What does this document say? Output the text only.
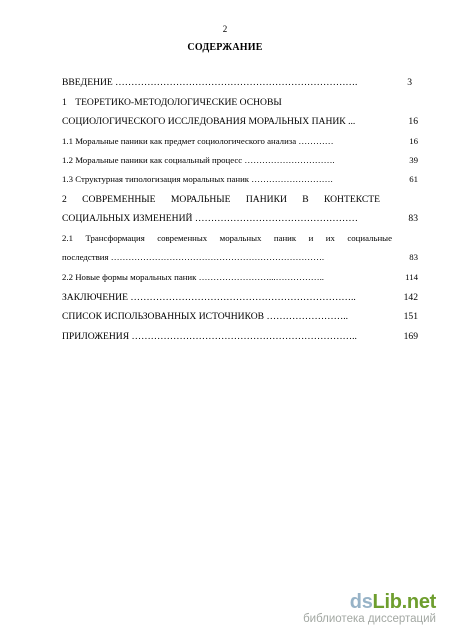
2
СОДЕРЖАНИЕ
ВВЕДЕНИЕ ………………………………………………………………….	3
1 ТЕОРЕТИКО-МЕТОДОЛОГИЧЕСКИЕ ОСНОВЫ
СОЦИОЛОГИЧЕСКОГО ИССЛЕДОВАНИЯ МОРАЛЬНЫХ ПАНИК ...	16
1.1 Моральные паники как предмет социологического анализа …………	16
1.2 Моральные паники как социальный процесс ………………………….	39
1.3 Структурная типологизация моральных паник ……………………….	61
2 СОВРЕМЕННЫЕ МОРАЛЬНЫЕ ПАНИКИ В КОНТЕКСТЕ
СОЦИАЛЬНЫХ ИЗМЕНЕНИЙ ……………………………………………	83
2.1 Трансформация современных моральных паник и их социальные
последствия ……………………………………………………………….	83
2.2 Новые формы моральных паник ……………………...……………..	114
ЗАКЛЮЧЕНИЕ ……………………………………………………………..	142
СПИСОК ИСПОЛЬЗОВАННЫХ ИСТОЧНИКОВ ……………………..	151
ПРИЛОЖЕНИЯ ……………………………………………………………..	169
dsLib.net
библиотека диссертаций
